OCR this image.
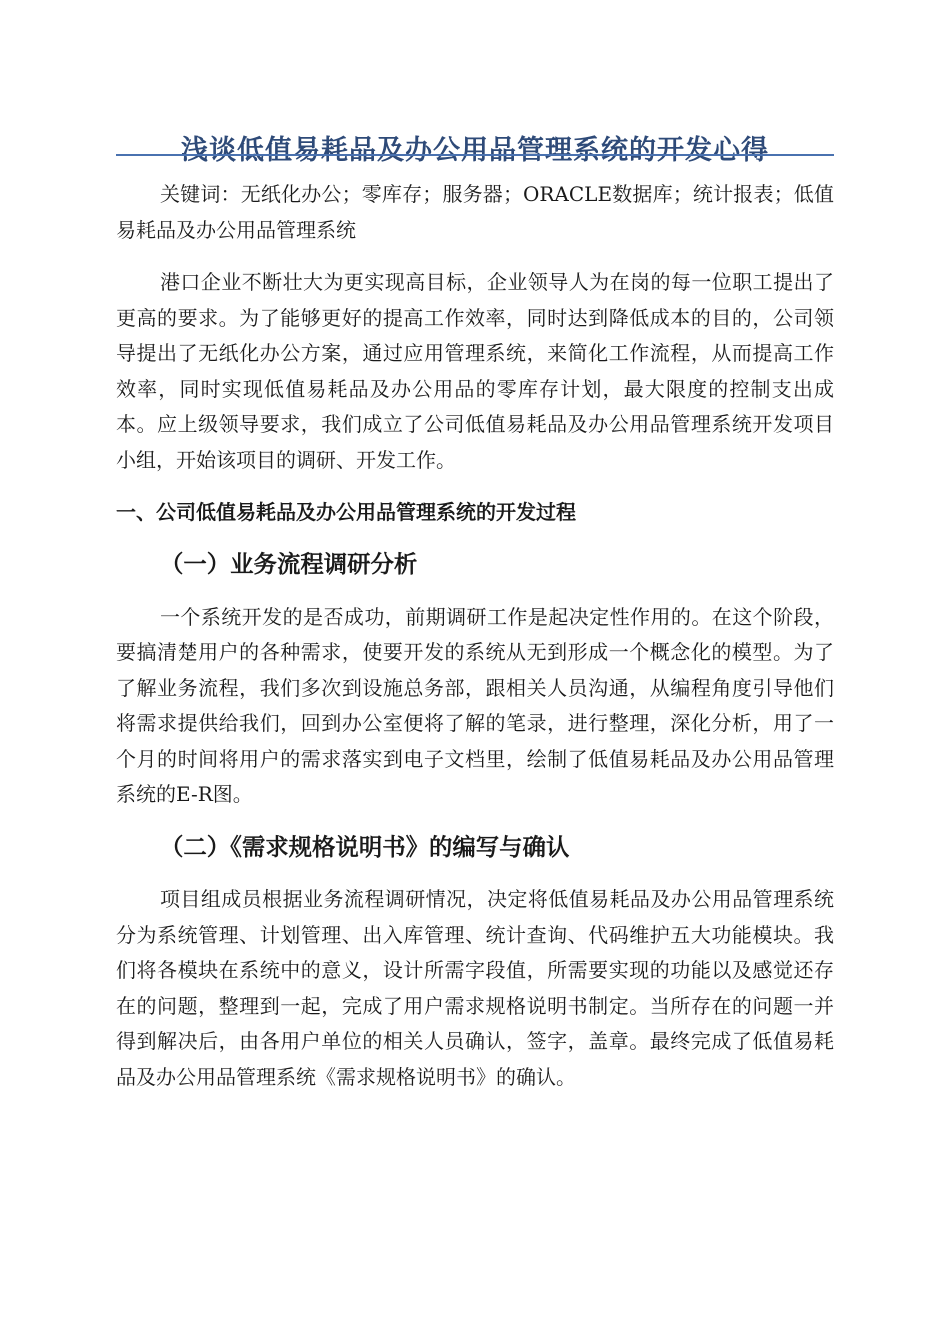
浅谈低值易耗品及办公用品管理系统的开发心得

关键词：无纸化办公；零库存；服务器；ORACLE数据库；统计报表；低值易耗品及办公用品管理系统

港口企业不断壮大为更实现高目标，企业领导人为在岗的每一位职工提出了更高的要求。为了能够更好的提高工作效率，同时达到降低成本的目的，公司领导提出了无纸化办公方案，通过应用管理系统，来简化工作流程，从而提高工作效率，同时实现低值易耗品及办公用品的零库存计划，最大限度的控制支出成本。应上级领导要求，我们成立了公司低值易耗品及办公用品管理系统开发项目小组，开始该项目的调研、开发工作。

一、公司低值易耗品及办公用品管理系统的开发过程
（一）业务流程调研分析

一个系统开发的是否成功，前期调研工作是起决定性作用的。在这个阶段，要搞清楚用户的各种需求，使要开发的系统从无到形成一个概念化的模型。为了了解业务流程，我们多次到设施总务部，跟相关人员沟通，从编程角度引导他们将需求提供给我们，回到办公室便将了解的笔录，进行整理，深化分析，用了一个月的时间将用户的需求落实到电子文档里，绘制了低值易耗品及办公用品管理系统的E-R图。

（二）《需求规格说明书》的编写与确认

项目组成员根据业务流程调研情况，决定将低值易耗品及办公用品管理系统分为系统管理、计划管理、出入库管理、统计查询、代码维护五大功能模块。我们将各模块在系统中的意义，设计所需字段值，所需要实现的功能以及感觉还存在的问题，整理到一起，完成了用户需求规格说明书制定。当所存在的问题一并得到解决后，由各用户单位的相关人员确认，签字，盖章。最终完成了低值易耗品及办公用品管理系统《需求规格说明书》的确认。
